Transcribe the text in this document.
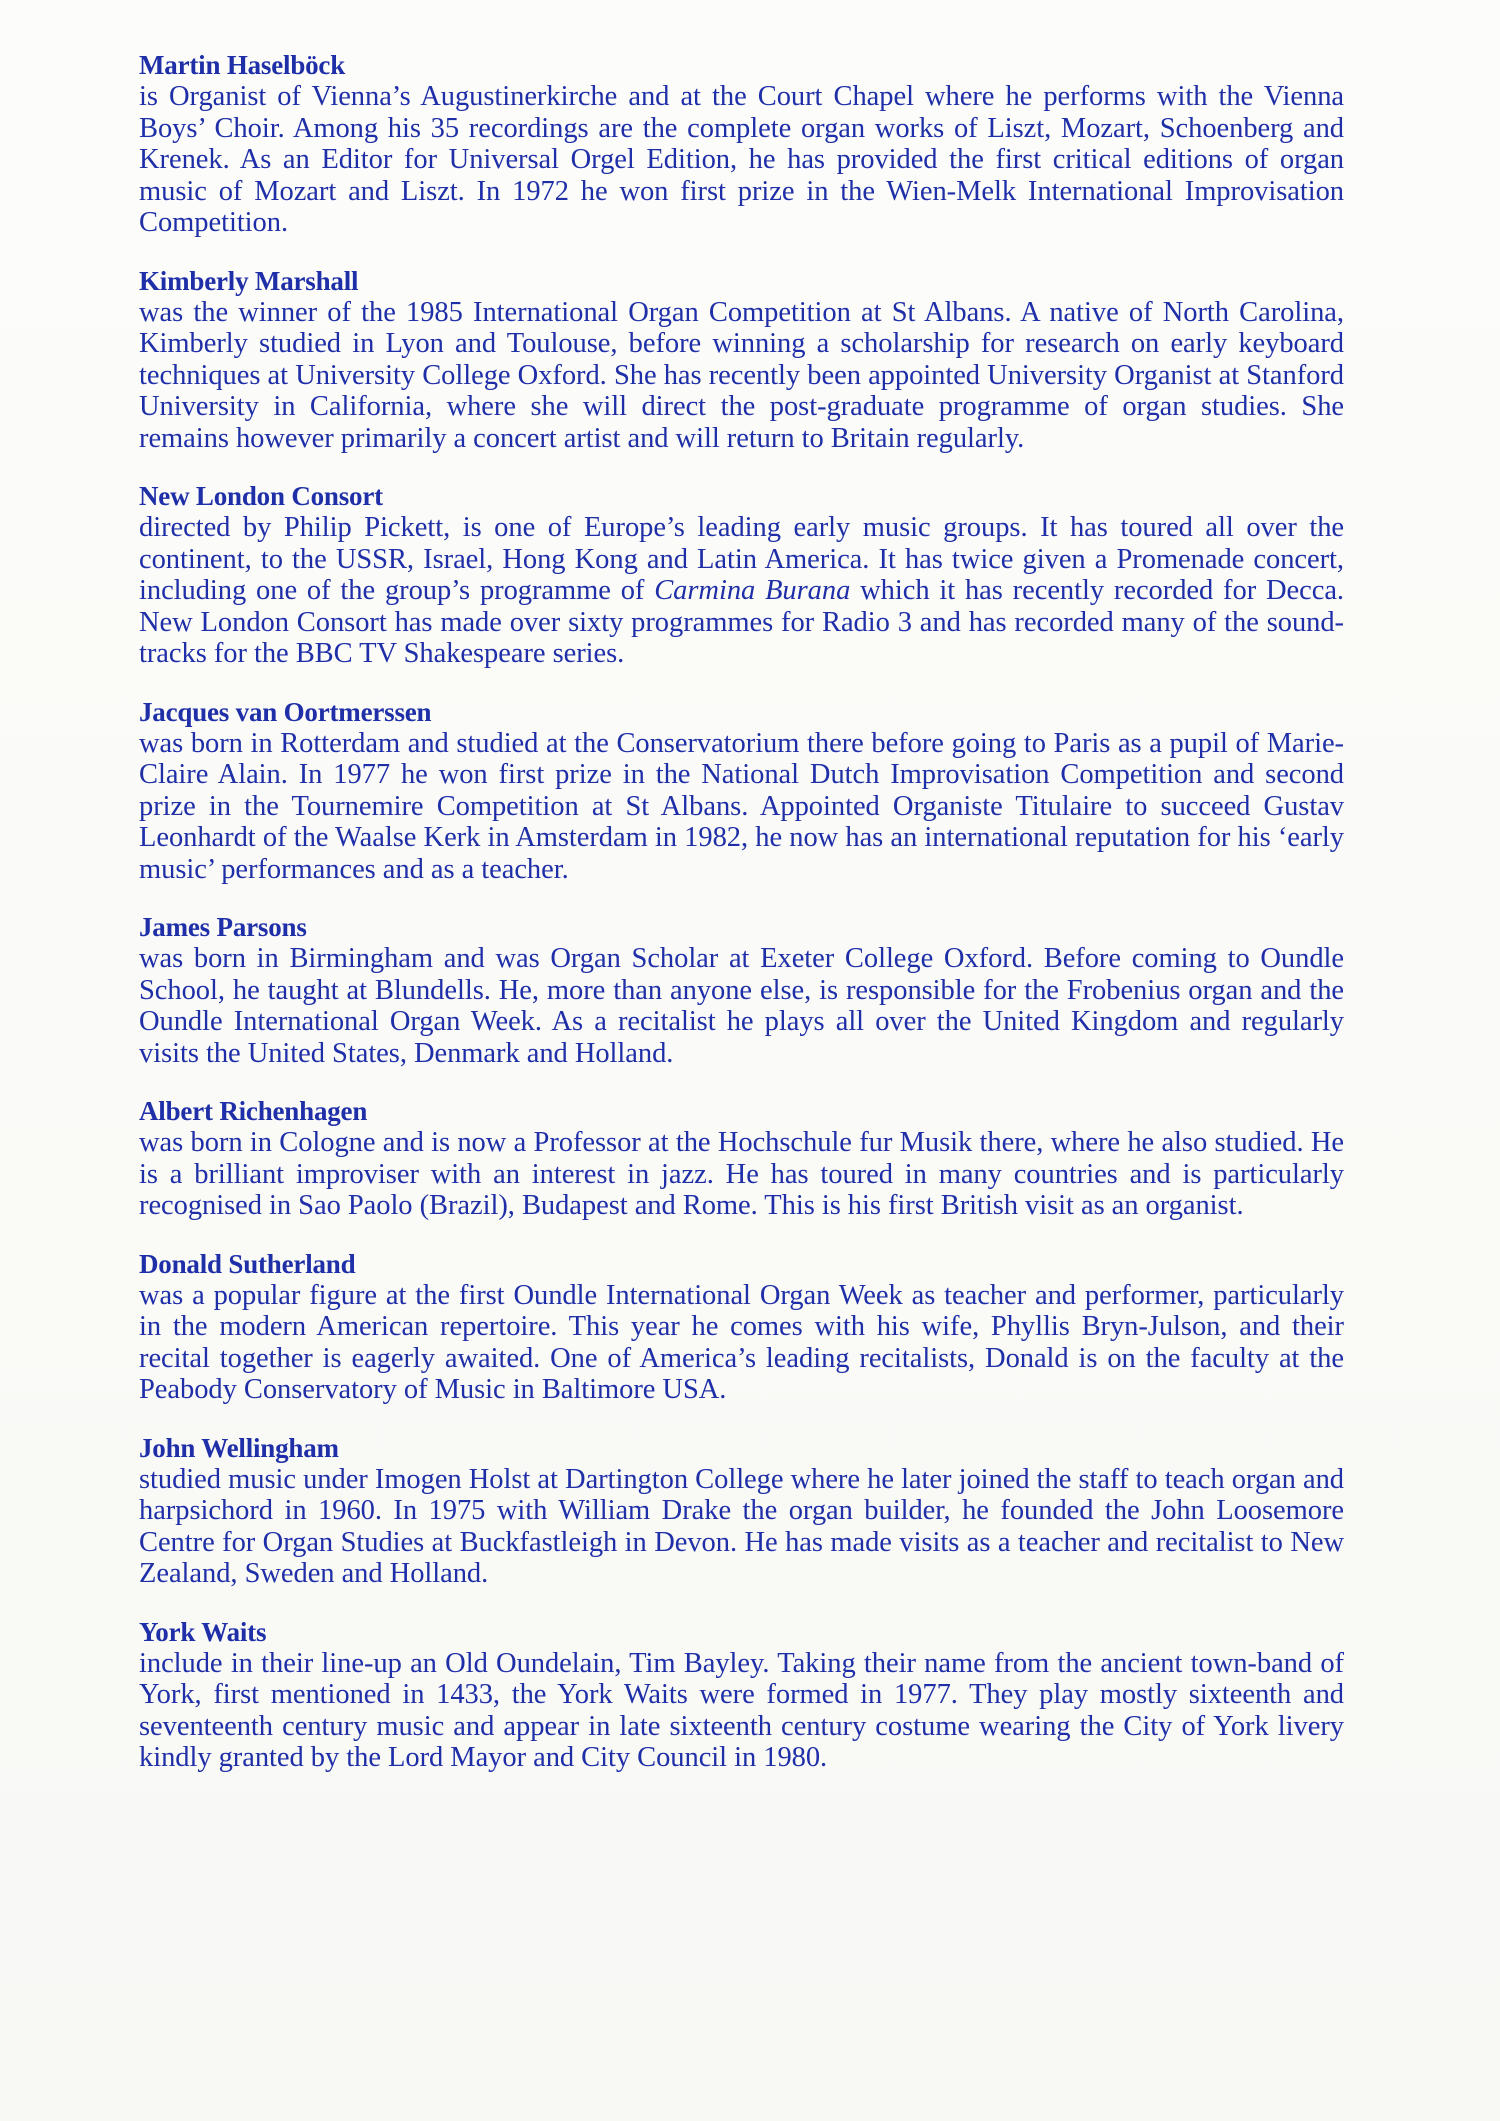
Martin Haselböck

is Organist of Vienna’s Augustinerkirche and at the Court Chapel where he performs with the Vienna Boys’ Choir. Among his 35 recordings are the complete organ works of Liszt, Mozart, Schoenberg and Krenek. As an Editor for Universal Orgel Edition, he has provided the first critical editions of organ music of Mozart and Liszt. In 1972 he won first prize in the Wien-Melk International Improvisation Competition.

Kimberly Marshall

was the winner of the 1985 International Organ Competition at St Albans. A native of North Carolina, Kimberly studied in Lyon and Toulouse, before winning a scholarship for research on early keyboard techniques at University College Oxford. She has recently been appointed University Organist at Stanford University in California, where she will direct the post-graduate programme of organ studies. She remains however primarily a concert artist and will return to Britain regularly.

New London Consort

directed by Philip Pickett, is one of Europe’s leading early music groups. It has toured all over the continent, to the USSR, Israel, Hong Kong and Latin America. It has twice given a Promenade concert, including one of the group’s programme of Carmina Burana which it has recently recorded for Decca. New London Consort has made over sixty programmes for Radio 3 and has recorded many of the sound-tracks for the BBC TV Shakespeare series.

Jacques van Oortmerssen

was born in Rotterdam and studied at the Conservatorium there before going to Paris as a pupil of Marie-Claire Alain. In 1977 he won first prize in the National Dutch Improvisation Competition and second prize in the Tournemire Competition at St Albans. Appointed Organiste Titulaire to succeed Gustav Leonhardt of the Waalse Kerk in Amsterdam in 1982, he now has an international reputation for his ‘early music’ performances and as a teacher.

James Parsons

was born in Birmingham and was Organ Scholar at Exeter College Oxford. Before coming to Oundle School, he taught at Blundells. He, more than anyone else, is responsible for the Frobenius organ and the Oundle International Organ Week. As a recitalist he plays all over the United Kingdom and regularly visits the United States, Denmark and Holland.

Albert Richenhagen

was born in Cologne and is now a Professor at the Hochschule fur Musik there, where he also studied. He is a brilliant improviser with an interest in jazz. He has toured in many countries and is particularly recognised in Sao Paolo (Brazil), Budapest and Rome. This is his first British visit as an organist.

Donald Sutherland

was a popular figure at the first Oundle International Organ Week as teacher and performer, particularly in the modern American repertoire. This year he comes with his wife, Phyllis Bryn-Julson, and their recital together is eagerly awaited. One of America’s leading recitalists, Donald is on the faculty at the Peabody Conservatory of Music in Baltimore USA.

John Wellingham

studied music under Imogen Holst at Dartington College where he later joined the staff to teach organ and harpsichord in 1960. In 1975 with William Drake the organ builder, he founded the John Loosemore Centre for Organ Studies at Buckfastleigh in Devon. He has made visits as a teacher and recitalist to New Zealand, Sweden and Holland.

York Waits

include in their line-up an Old Oundelain, Tim Bayley. Taking their name from the ancient town-band of York, first mentioned in 1433, the York Waits were formed in 1977. They play mostly sixteenth and seventeenth century music and appear in late sixteenth century costume wearing the City of York livery kindly granted by the Lord Mayor and City Council in 1980.
